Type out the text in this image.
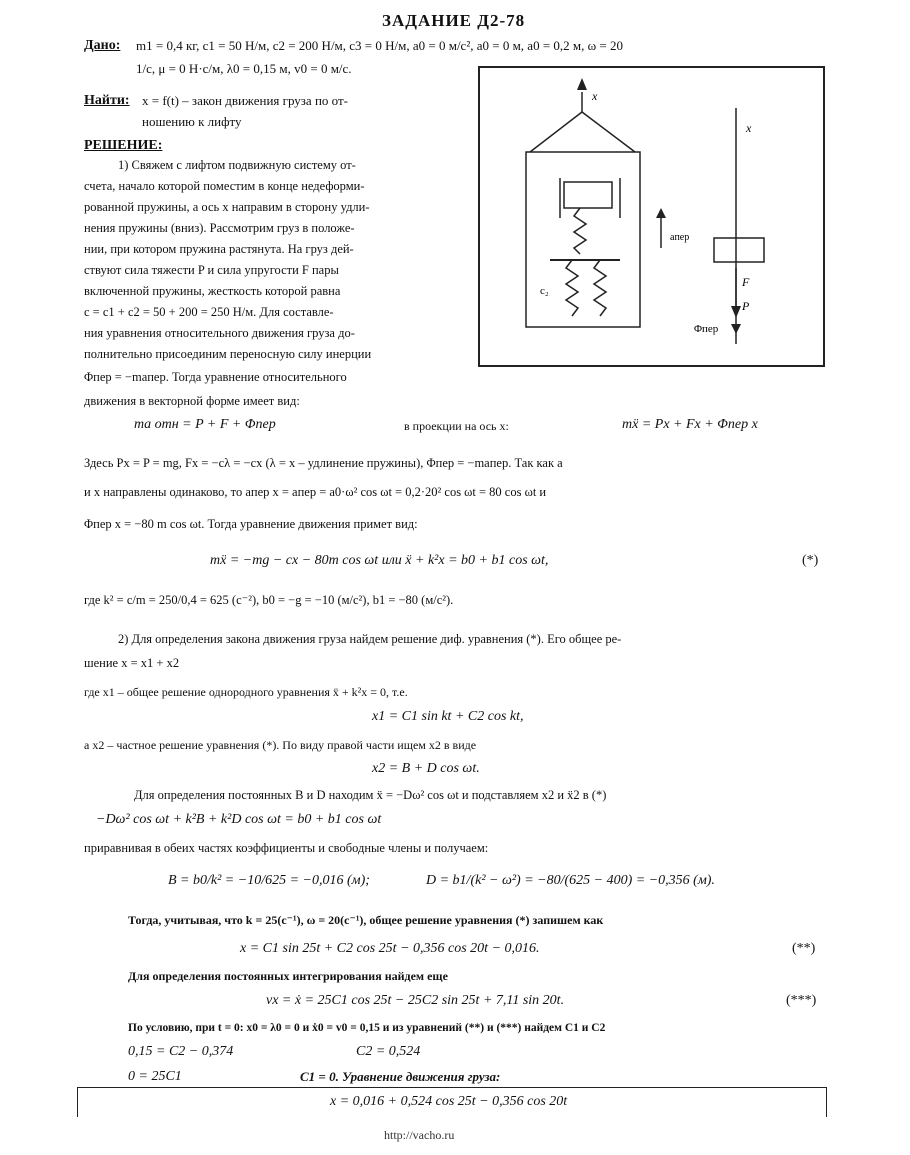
ЗАДАНИЕ Д2-78
Дано: m1 = 0,4 кг, c1 = 50 Н/м, c2 = 200 Н/м, c3 = 0 Н/м, a0 = 0 м/с², a0 = 0 м, a0 = 0,2 м, ω = 20
1/с, μ = 0 Н·с/м, λ0 = 0,15 м, v0 = 0 м/с.
Найти: x = f(t) – закон движения груза по от-
ношению к лифту
РЕШЕНИЕ:
1) Свяжем с лифтом подвижную систему от-
счета, начало которой поместим в конце недеформи-
рованной пружины, а ось x направим в сторону удли-
нения пружины (вниз). Рассмотрим груз в положе-
нии, при котором пружина растянута. На груз дей-
ствуют сила тяжести P и сила упругости F пары
включенной пружины, жесткость которой равна
c = c1 + c2 = 50 + 200 = 250 Н/м. Для составле-
ния уравнения относительного движения груза до-
полнительно присоединим переносную силу инерции
Φпер = −maпер. Тогда уравнение относительного
движения в векторной форме имеет вид:
c₂
x
aпер
x
F
P
Φпер
ma отн = P + F + Φпер	в проекции на ось x:	mẍ = Px + Fx + Φпер x
Здесь Px = P = mg, Fx = −cλ = −cx (λ = x – удлинение пружины), Φпер = −maпер. Так как a
и x направлены одинаково, то aпер x = aпер = a0·ω² cos ωt = 0,2·20² cos ωt = 80 cos ωt и
Φпер x = −80 m cos ωt. Тогда уравнение движения примет вид:
mẍ = −mg − cx − 80m cos ωt или ẍ + k²x = b0 + b1 cos ωt,	(*)
где k² = c/m = 250/0,4 = 625 (c⁻²), b0 = −g = −10 (м/с²), b1 = −80 (м/с²).
2) Для определения закона движения груза найдем решение диф. уравнения (*). Его общее ре-
шение x = x1 + x2
где x1 – общее решение однородного уравнения ẍ + k²x = 0, т.е.
x1 = C1 sin kt + C2 cos kt,
а x2 – частное решение уравнения (*). По виду правой части ищем x2 в виде
x2 = B + D cos ωt.
Для определения постоянных B и D находим ẍ = −Dω² cos ωt и подставляем x2 и ẍ2 в (*)
−Dω² cos ωt + k²B + k²D cos ωt = b0 + b1 cos ωt
приравнивая в обеих частях коэффициенты и свободные члены и получаем:
B = b0/k² = −10/625 = −0,016 (м);	D = b1/(k² − ω²) = −80/(625 − 400) = −0,356 (м).
Тогда, учитывая, что k = 25(с⁻¹), ω = 20(с⁻¹), общее решение уравнения (*) запишем как
x = C1 sin 25t + C2 cos 25t − 0,356 cos 20t − 0,016.	(**)
Для определения постоянных интегрирования найдем еще
vx = ẋ = 25C1 cos 25t − 25C2 sin 25t + 7,11 sin 20t.	(***)
По условию, при t = 0: x0 = λ0 = 0 и ẋ0 = v0 = 0,15 и из уравнений (**) и (***) найдем C1 и C2
0,15 = C2 − 0,374	C2 = 0,524
0 = 25C1	C1 = 0. Уравнение движения груза:
x = 0,016 + 0,524 cos 25t − 0,356 cos 20t
http://vacho.ru
